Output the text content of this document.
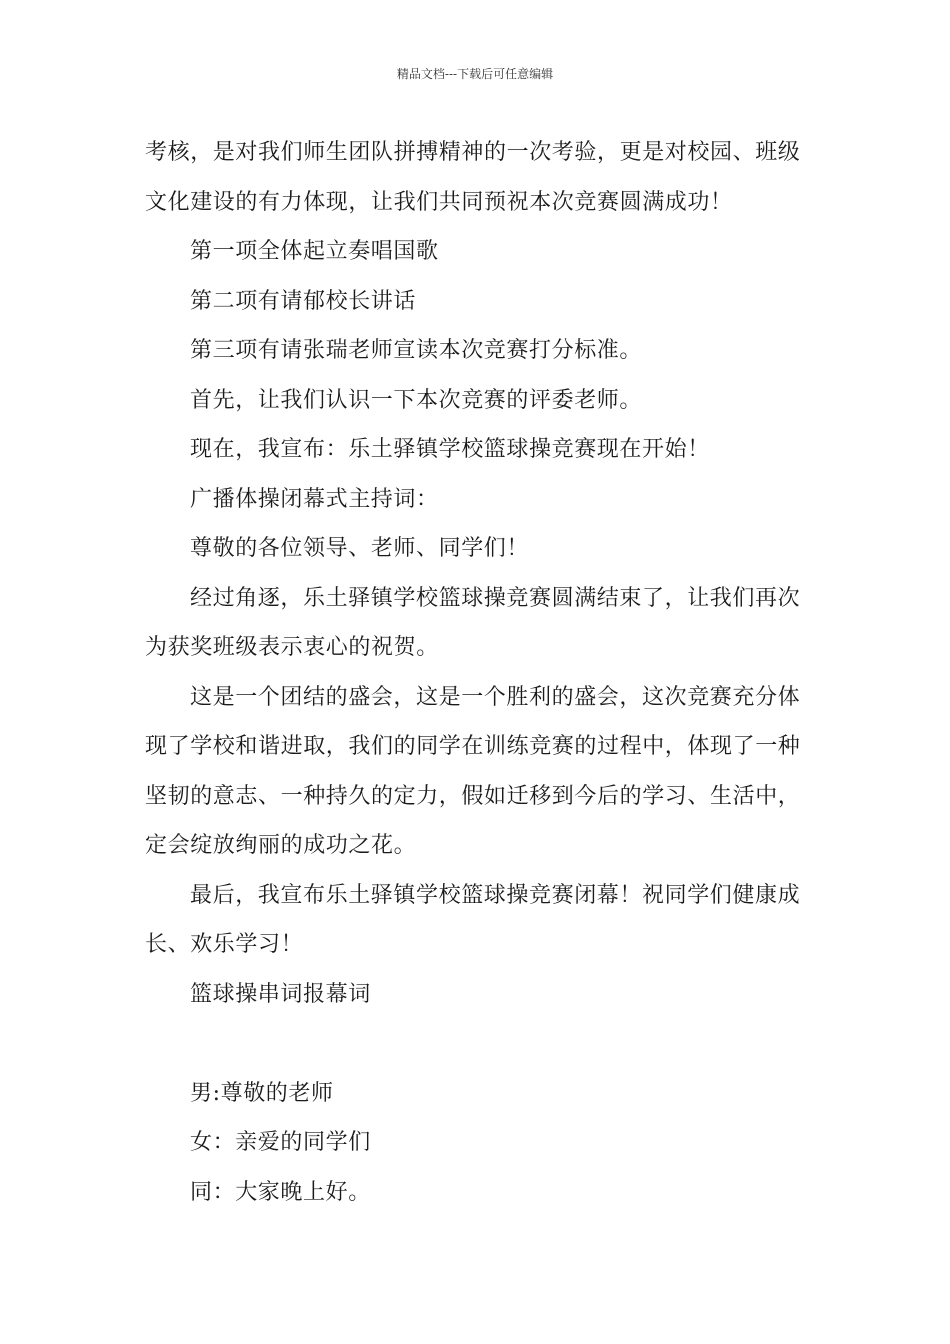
精品文档---下载后可任意编辑

考核，是对我们师生团队拼搏精神的一次考验，更是对校园、班级文化建设的有力体现，让我们共同预祝本次竞赛圆满成功！

第一项全体起立奏唱国歌

第二项有请郁校长讲话

第三项有请张瑞老师宣读本次竞赛打分标准。

首先，让我们认识一下本次竞赛的评委老师。

现在，我宣布：乐土驿镇学校篮球操竞赛现在开始！

广播体操闭幕式主持词：

尊敬的各位领导、老师、同学们！

经过角逐，乐土驿镇学校篮球操竞赛圆满结束了，让我们再次为获奖班级表示衷心的祝贺。

这是一个团结的盛会，这是一个胜利的盛会，这次竞赛充分体现了学校和谐进取，我们的同学在训练竞赛的过程中，体现了一种坚韧的意志、一种持久的定力，假如迁移到今后的学习、生活中，定会绽放绚丽的成功之花。

最后，我宣布乐土驿镇学校篮球操竞赛闭幕！祝同学们健康成长、欢乐学习！

篮球操串词报幕词

男:尊敬的老师

女：亲爱的同学们

同：大家晚上好。
